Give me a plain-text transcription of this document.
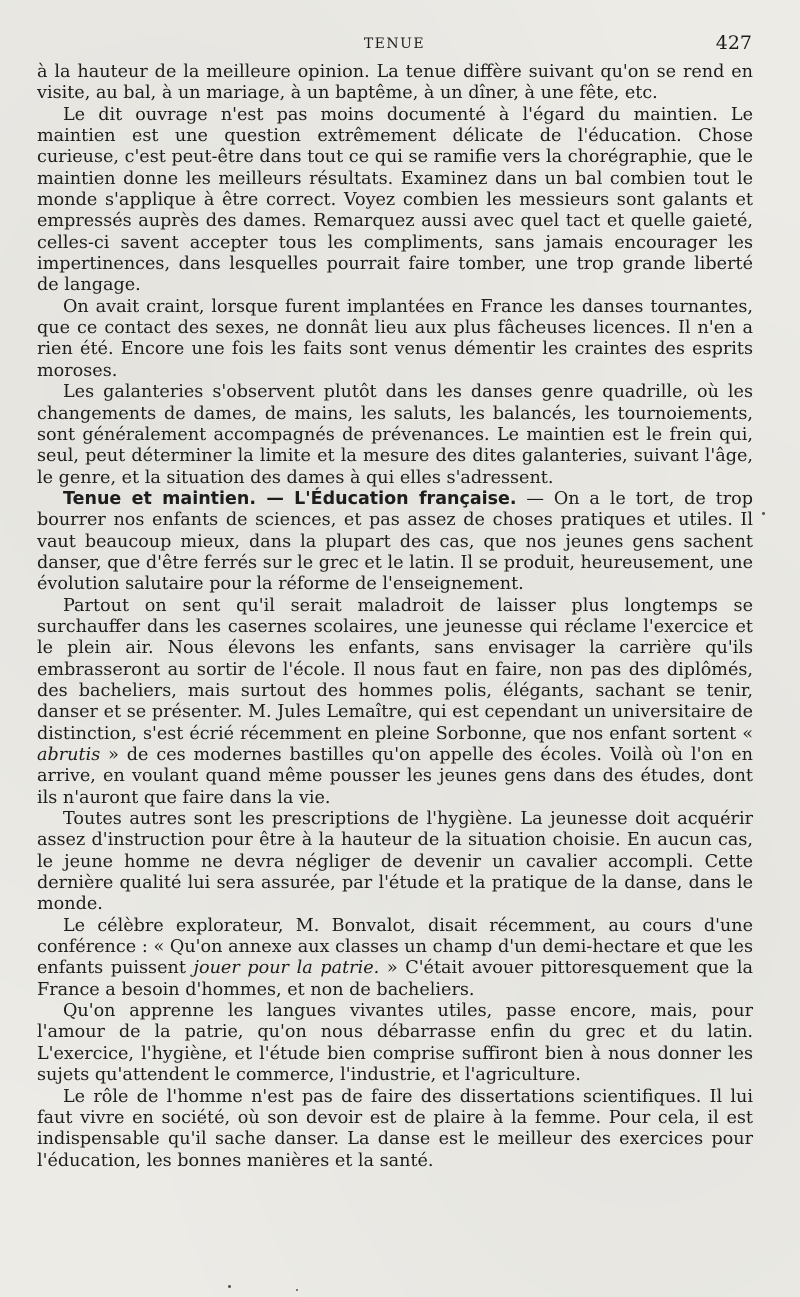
TENUE	427

à la hauteur de la meilleure opinion. La tenue diffère suivant qu'on se rend en visite, au bal, à un mariage, à un baptême, à un dîner, à une fête, etc.

Le dit ouvrage n'est pas moins documenté à l'égard du maintien. Le maintien est une question extrêmement délicate de l'éducation. Chose curieuse, c'est peut-être dans tout ce qui se ramifie vers la chorégraphie, que le maintien donne les meilleurs résultats. Examinez dans un bal combien tout le monde s'applique à être correct. Voyez combien les messieurs sont galants et empressés auprès des dames. Remarquez aussi avec quel tact et quelle gaieté, celles-ci savent accepter tous les compliments, sans jamais encourager les impertinences, dans lesquelles pourrait faire tomber, une trop grande liberté de langage.

On avait craint, lorsque furent implantées en France les danses tournantes, que ce contact des sexes, ne donnât lieu aux plus fâcheuses licences. Il n'en a rien été. Encore une fois les faits sont venus démentir les craintes des esprits moroses.

Les galanteries s'observent plutôt dans les danses genre quadrille, où les changements de dames, de mains, les saluts, les balancés, les tournoiements, sont généralement accompagnés de prévenances. Le maintien est le frein qui, seul, peut déterminer la limite et la mesure des dites galanteries, suivant l'âge, le genre, et la situation des dames à qui elles s'adressent.

Tenue et maintien. — L'Éducation française. — On a le tort, de trop bourrer nos enfants de sciences, et pas assez de choses pratiques et utiles. Il vaut beaucoup mieux, dans la plupart des cas, que nos jeunes gens sachent danser, que d'être ferrés sur le grec et le latin. Il se produit, heureusement, une évolution salutaire pour la réforme de l'enseignement.

Partout on sent qu'il serait maladroit de laisser plus longtemps se surchauffer dans les casernes scolaires, une jeunesse qui réclame l'exercice et le plein air. Nous élevons les enfants, sans envisager la carrière qu'ils embrasseront au sortir de l'école. Il nous faut en faire, non pas des diplômés, des bacheliers, mais surtout des hommes polis, élégants, sachant se tenir, danser et se présenter. M. Jules Lemaître, qui est cependant un universitaire de distinction, s'est écrié récemment en pleine Sorbonne, que nos enfant sortent « abrutis » de ces modernes bastilles qu'on appelle des écoles. Voilà où l'on en arrive, en voulant quand même pousser les jeunes gens dans des études, dont ils n'auront que faire dans la vie.

Toutes autres sont les prescriptions de l'hygiène. La jeunesse doit acquérir assez d'instruction pour être à la hauteur de la situation choisie. En aucun cas, le jeune homme ne devra négliger de devenir un cavalier accompli. Cette dernière qualité lui sera assurée, par l'étude et la pratique de la danse, dans le monde.

Le célèbre explorateur, M. Bonvalot, disait récemment, au cours d'une conférence : « Qu'on annexe aux classes un champ d'un demi-hectare et que les enfants puissent jouer pour la patrie. » C'était avouer pittoresquement que la France a besoin d'hommes, et non de bacheliers.

Qu'on apprenne les langues vivantes utiles, passe encore, mais, pour l'amour de la patrie, qu'on nous débarrasse enfin du grec et du latin. L'exercice, l'hygiène, et l'étude bien comprise suffiront bien à nous donner les sujets qu'attendent le commerce, l'industrie, et l'agriculture.

Le rôle de l'homme n'est pas de faire des dissertations scientifiques. Il lui faut vivre en société, où son devoir est de plaire à la femme. Pour cela, il est indispensable qu'il sache danser. La danse est le meilleur des exercices pour l'éducation, les bonnes manières et la santé.
